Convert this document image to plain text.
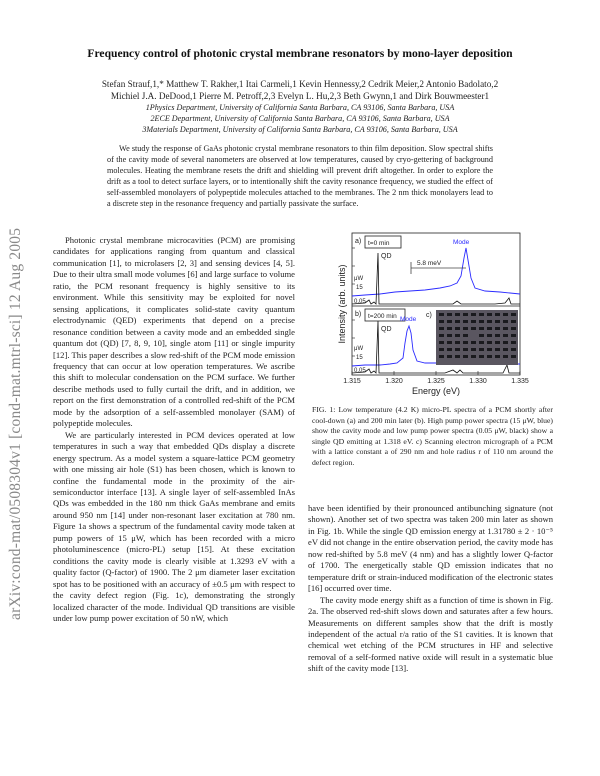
Frequency control of photonic crystal membrane resonators by mono-layer deposition
Stefan Strauf,1,* Matthew T. Rakher,1 Itai Carmeli,1 Kevin Hennessy,2 Cedrik Meier,2 Antonio Badolato,2
Michiel J.A. DeDood,1 Pierre M. Petroff,2,3 Evelyn L. Hu,2,3 Beth Gwynn,1 and Dirk Bouwmeester1
1Physics Department, University of California Santa Barbara, CA 93106, Santa Barbara, USA
2ECE Department, University of California Santa Barbara, CA 93106, Santa Barbara, USA
3Materials Department, University of California Santa Barbara, CA 93106, Santa Barbara, USA
We study the response of GaAs photonic crystal membrane resonators to thin film deposition. Slow spectral shifts of the cavity mode of several nanometers are observed at low temperatures, caused by cryo-gettering of background molecules. Heating the membrane resets the drift and shielding will prevent drift altogether. In order to explore the drift as a tool to detect surface layers, or to intentionally shift the cavity resonance frequency, we studied the effect of self-assembled monolayers of polypeptide molecules attached to the membranes. The 2 nm thick monolayers lead to a discrete step in the resonance frequency and partially passivate the surface.
arXiv:cond-mat/0508304v1 [cond-mat.mtrl-sci] 12 Aug 2005	Photonic crystal membrane microcavities (PCM) are promising candidates for applications ranging from quantum and classical communication [1], to microlasers [2, 3] and sensing devices [4, 5]. Due to their ultra small mode volumes [6] and large surface to volume ratio, the PCM resonant frequency is highly sensitive to its environment. While this sensitivity may be exploited for novel sensing applications, it complicates solid-state cavity quantum electrodynamic (QED) experiments that depend on a precise resonance condition between a cavity mode and an embedded single quantum dot (QD) [7, 8, 9, 10], single atom [11] or single impurity [12]. This paper describes a slow red-shift of the PCM mode emission frequency that can occur at low operation temperatures. We ascribe this shift to molecular condensation on the PCM surface. We further describe methods used to fully curtail the drift, and in addition, we report on the first demonstration of a controlled red-shift of the PCM mode by the adsorption of a self-assembled monolayer (SAM) of polypeptide molecules.

We are particularly interested in PCM devices operated at low temperatures in such a way that embedded QDs display a discrete energy spectrum. As a model system a square-lattice PCM geometry with one missing air hole (S1) has been chosen, which is known to confine the fundamental mode in the proximity of the air-semiconductor interface [13]. A single layer of self-assembled InAs QDs was embedded in the 180 nm thick GaAs membrane and emits around 950 nm [14] under non-resonant laser excitation at 780 nm. Figure 1a shows a spectrum of the fundamental cavity mode taken at pump powers of 15 μW, which has been recorded with a micro photoluminescence (micro-PL) setup [15]. At these excitation conditions the cavity mode is clearly visible at 1.3293 eV with a quality factor (Q-factor) of 1900. The 2 μm diameter laser excitation spot has to be positioned with an accuracy of ±0.5 μm with respect to the cavity defect region (Fig. 1c), demonstrating the strongly localized character of the mode. Individual QD transitions are visible under low pump power excitation of 50 nW, which

a) t=0 min
b) t=200 min	c)
QD
QD
5.8 meV
Mode
Mode
μW
15
0.05
μW
15
0.05
1.315	1.320	1.325	1.330	1.335
Energy (eV)
Intensity (arb. units)
FIG. 1: Low temperature (4.2 K) micro-PL spectra of a PCM shortly after cool-down (a) and 200 min later (b). High pump power spectra (15 μW, blue) show the cavity mode and low pump power spectra (0.05 μW, black) show a single QD emitting at 1.318 eV. c) Scanning electron micrograph of a PCM with a lattice constant a of 290 nm and hole radius r of 110 nm around the defect region.

have been identified by their pronounced antibunching signature (not shown). Another set of two spectra was taken 200 min later as shown in Fig. 1b. While the single QD emission energy at 1.31780 ± 2 · 10⁻⁵ eV did not change in the entire observation period, the cavity mode has now red-shifted by 5.8 meV (4 nm) and has a slightly lower Q-factor of 1700. The energetically stable QD emission indicates that no temperature drift or strain-induced modification of the electronic states [16] occurred over time.

The cavity mode energy shift as a function of time is shown in Fig. 2a. The observed red-shift slows down and saturates after a few hours. Measurements on different samples show that the drift is mostly independent of the actual r/a ratio of the S1 cavities. It is known that chemical wet etching of the PCM structures in HF and selective removal of a self-formed native oxide will result in a systematic blue shift of the cavity mode [13].
